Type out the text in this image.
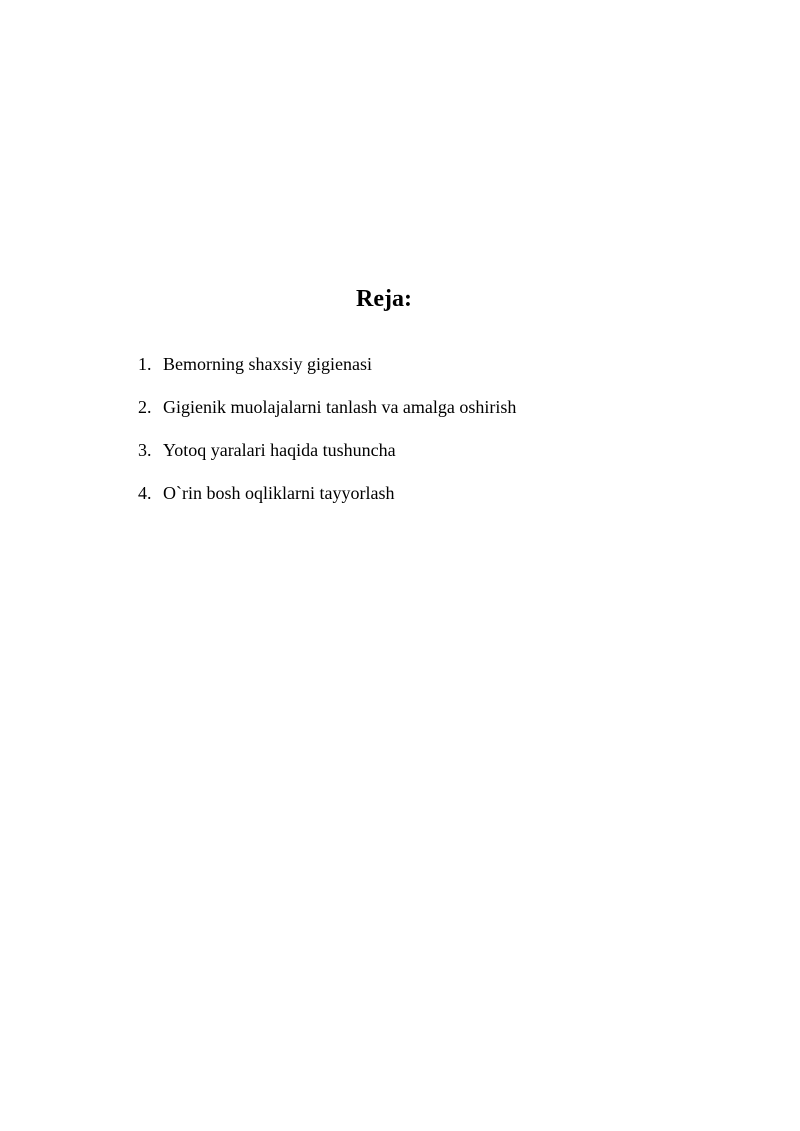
Reja:
1. Bemorning shaxsiy gigienasi
2. Gigienik muolajalarni tanlash va amalga oshirish
3. Yotoq yaralari haqida tushuncha
4. O`rin bosh oqliklarni tayyorlash
